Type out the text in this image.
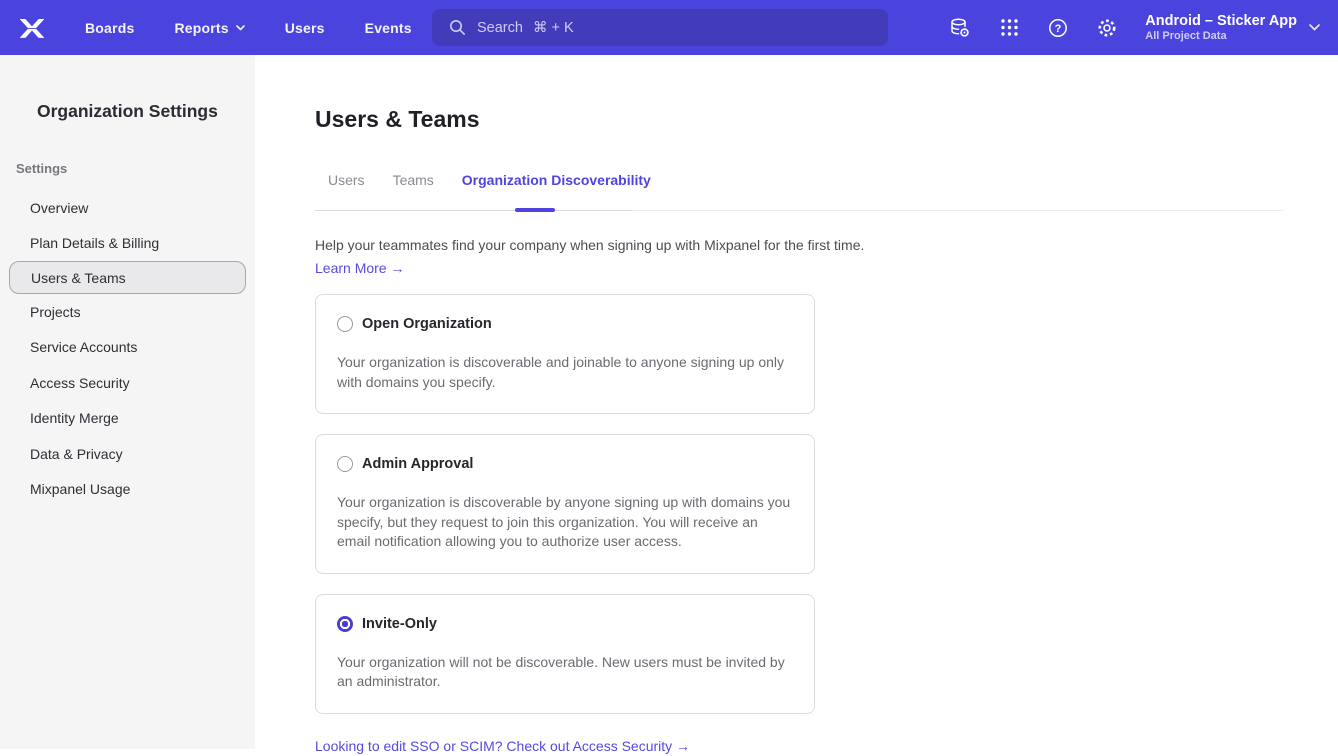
Boards	Reports	Users	Events	Search ⌘ + K	?	Android – Sticker App
All Project Data
Organization Settings
Settings
Overview
Plan Details & Billing
Users & Teams
Projects
Service Accounts
Access Security
Identity Merge
Data & Privacy
Mixpanel Usage
Users & Teams
Users Teams Organization Discoverability

Help your teammates find your company when signing up with Mixpanel for the first time.

Learn More →
Open Organization

Your organization is discoverable and joinable to anyone signing up only with domains you specify.

Admin Approval

Your organization is discoverable by anyone signing up with domains you specify, but they request to join this organization. You will receive an email notification allowing you to authorize user access.

Invite-Only

Your organization will not be discoverable. New users must be invited by an administrator.

Looking to edit SSO or SCIM? Check out Access Security →
